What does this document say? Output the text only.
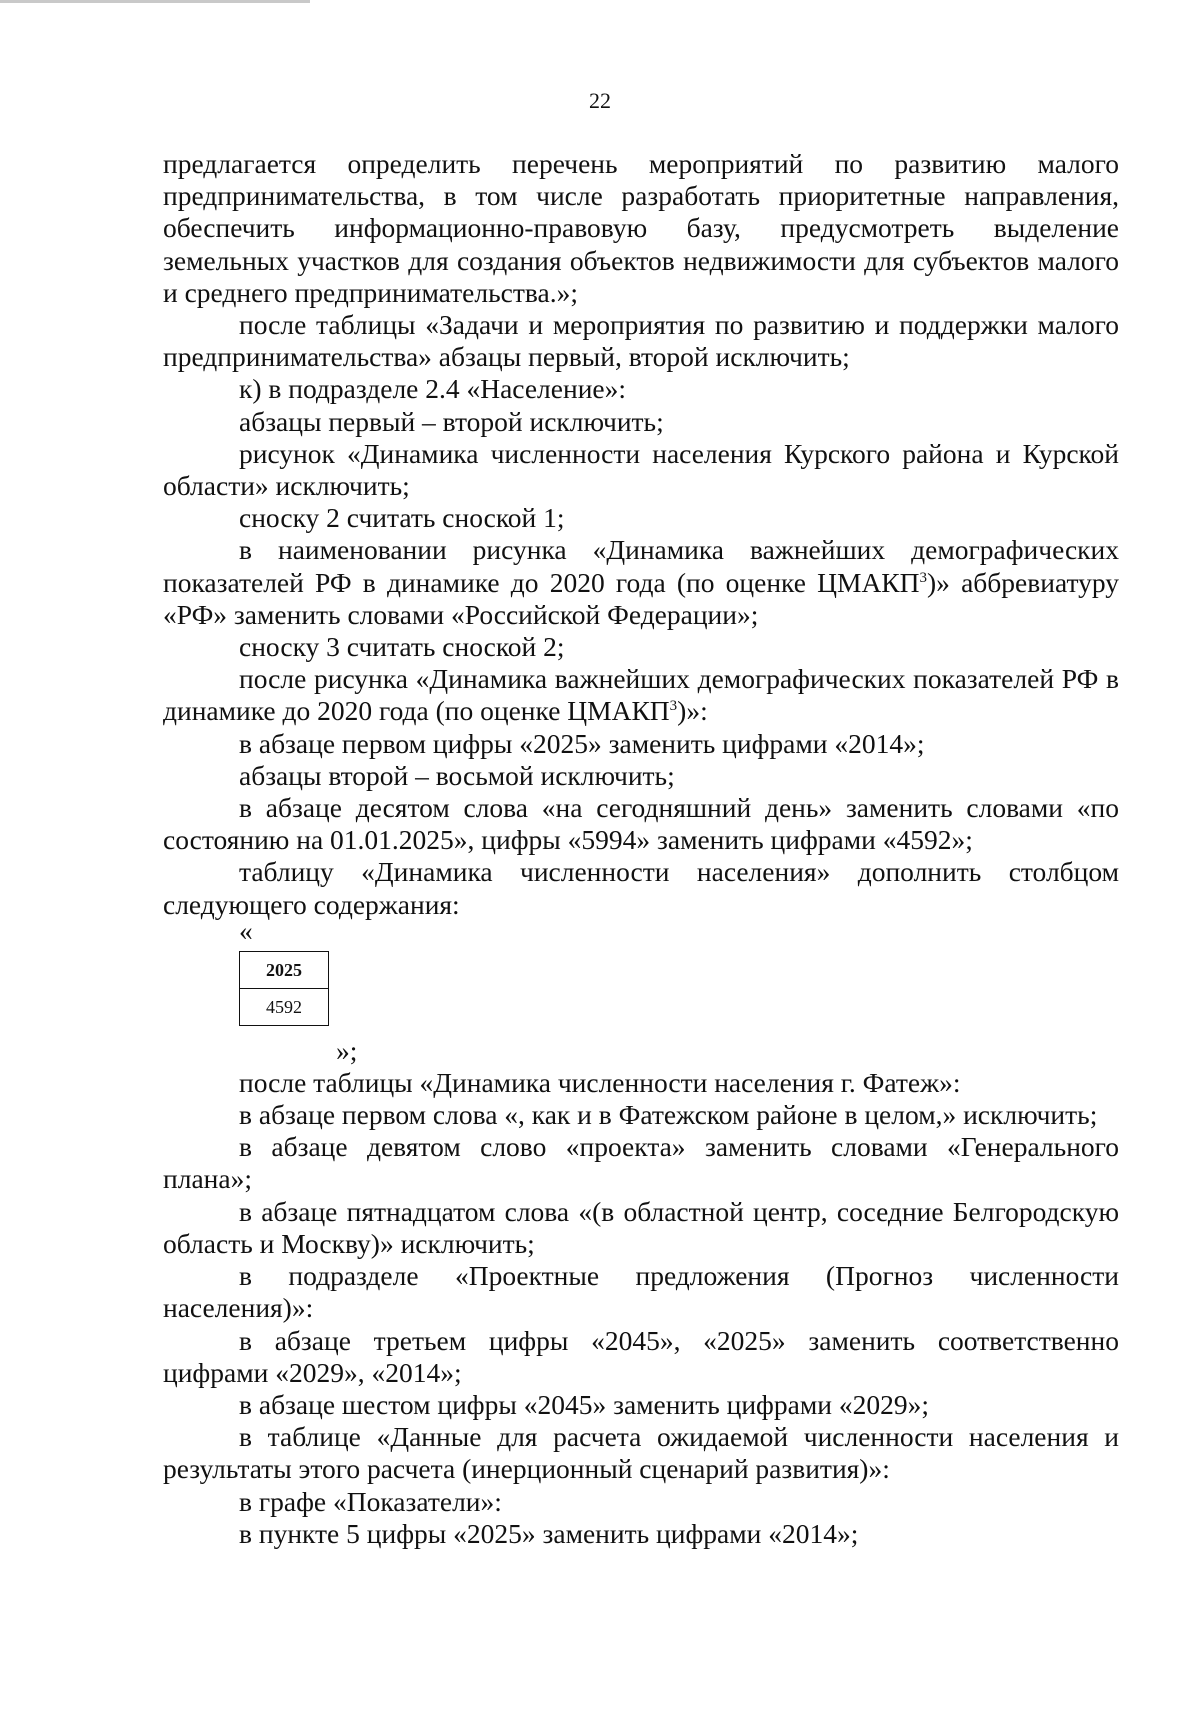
22

предлагается определить перечень мероприятий по развитию малого предпринимательства, в том числе разработать приоритетные направления, обеспечить информационно-правовую базу, предусмотреть выделение земельных участков для создания объектов недвижимости для субъектов малого и среднего предпринимательства.»;

после таблицы «Задачи и мероприятия по развитию и поддержки малого предпринимательства» абзацы первый, второй исключить;

к) в подразделе 2.4 «Население»:

абзацы первый – второй исключить;

рисунок «Динамика численности населения Курского района и Курской области» исключить;

сноску 2 считать сноской 1;

в наименовании рисунка «Динамика важнейших демографических показателей РФ в динамике до 2020 года (по оценке ЦМАКП$^3$)» аббревиатуру «РФ» заменить словами «Российской Федерации»;

сноску 3 считать сноской 2;

после рисунка «Динамика важнейших демографических показателей РФ в динамике до 2020 года (по оценке ЦМАКП$^3$)»:

в абзаце первом цифры «2025» заменить цифрами «2014»;

абзацы второй – восьмой исключить;

в абзаце десятом слова «на сегодняшний день» заменить словами «по состоянию на 01.01.2025», цифры «5994» заменить цифрами «4592»;

таблицу «Динамика численности населения» дополнить столбцом следующего содержания:

«
2025
4592
»;

после таблицы «Динамика численности населения г. Фатеж»:

в абзаце первом слова «, как и в Фатежском районе в целом,» исключить;

в абзаце девятом слово «проекта» заменить словами «Генерального плана»;

в абзаце пятнадцатом слова «(в областной центр, соседние Белгородскую область и Москву)» исключить;

в подразделе «Проектные предложения (Прогноз численности населения)»:

в абзаце третьем цифры «2045», «2025» заменить соответственно цифрами «2029», «2014»;

в абзаце шестом цифры «2045» заменить цифрами «2029»;

в таблице «Данные для расчета ожидаемой численности населения и результаты этого расчета (инерционный сценарий развития)»:

в графе «Показатели»:

в пункте 5 цифры «2025» заменить цифрами «2014»;
